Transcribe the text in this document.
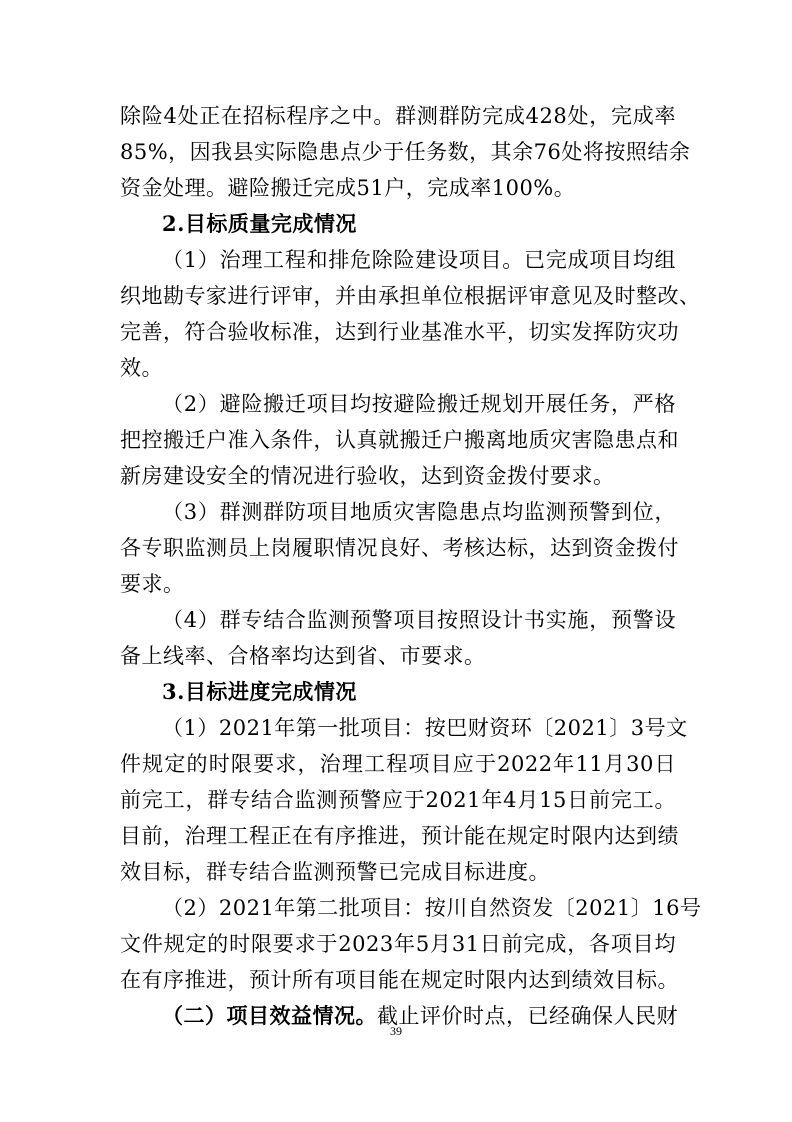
除险4处正在招标程序之中。群测群防完成428处，完成率
85%，因我县实际隐患点少于任务数，其余76处将按照结余
资金处理。避险搬迁完成51户，完成率100%。
2.目标质量完成情况
（1）治理工程和排危除险建设项目。已完成项目均组
织地勘专家进行评审，并由承担单位根据评审意见及时整改、
完善，符合验收标准，达到行业基准水平，切实发挥防灾功
效。
（2）避险搬迁项目均按避险搬迁规划开展任务，严格
把控搬迁户准入条件，认真就搬迁户搬离地质灾害隐患点和
新房建设安全的情况进行验收，达到资金拨付要求。
（3）群测群防项目地质灾害隐患点均监测预警到位，
各专职监测员上岗履职情况良好、考核达标，达到资金拨付
要求。
（4）群专结合监测预警项目按照设计书实施，预警设
备上线率、合格率均达到省、市要求。
3.目标进度完成情况
（1）2021年第一批项目：按巴财资环〔2021〕3号文
件规定的时限要求，治理工程项目应于2022年11月30日
前完工，群专结合监测预警应于2021年4月15日前完工。
目前，治理工程正在有序推进，预计能在规定时限内达到绩
效目标，群专结合监测预警已完成目标进度。
（2）2021年第二批项目：按川自然资发〔2021〕16号
文件规定的时限要求于2023年5月31日前完成，各项目均
在有序推进，预计所有项目能在规定时限内达到绩效目标。
（二）项目效益情况。截止评价时点，已经确保人民财
39
